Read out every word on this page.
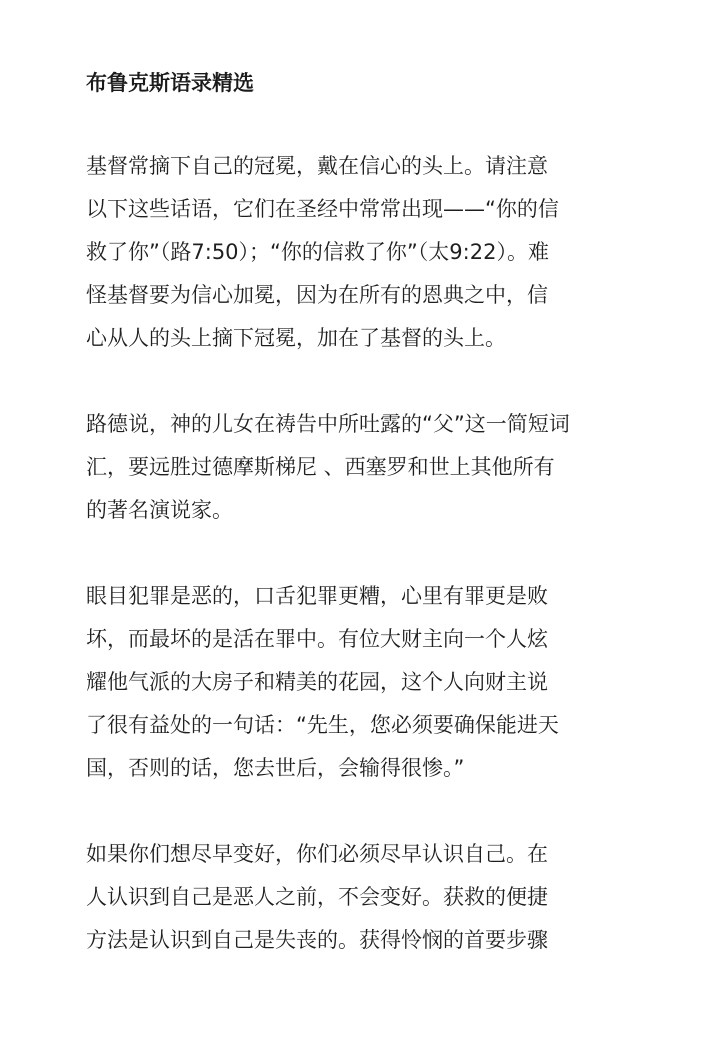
布鲁克斯语录精选
基督常摘下自己的冠冕，戴在信心的头上。请注意
以下这些话语，它们在圣经中常常出现——“你的信
救了你”（路7:50）；“你的信救了你”（太9:22）。难
怪基督要为信心加冕，因为在所有的恩典之中，信
心从人的头上摘下冠冕，加在了基督的头上。
路德说，神的儿女在祷告中所吐露的“父”这一简短词
汇，要远胜过德摩斯梯尼 、西塞罗和世上其他所有
的著名演说家。
眼目犯罪是恶的，口舌犯罪更糟，心里有罪更是败
坏，而最坏的是活在罪中。有位大财主向一个人炫
耀他气派的大房子和精美的花园，这个人向财主说
了很有益处的一句话：“先生，您必须要确保能进天
国，否则的话，您去世后，会输得很惨。”
如果你们想尽早变好，你们必须尽早认识自己。在
人认识到自己是恶人之前，不会变好。获救的便捷
方法是认识到自己是失丧的。获得怜悯的首要步骤
